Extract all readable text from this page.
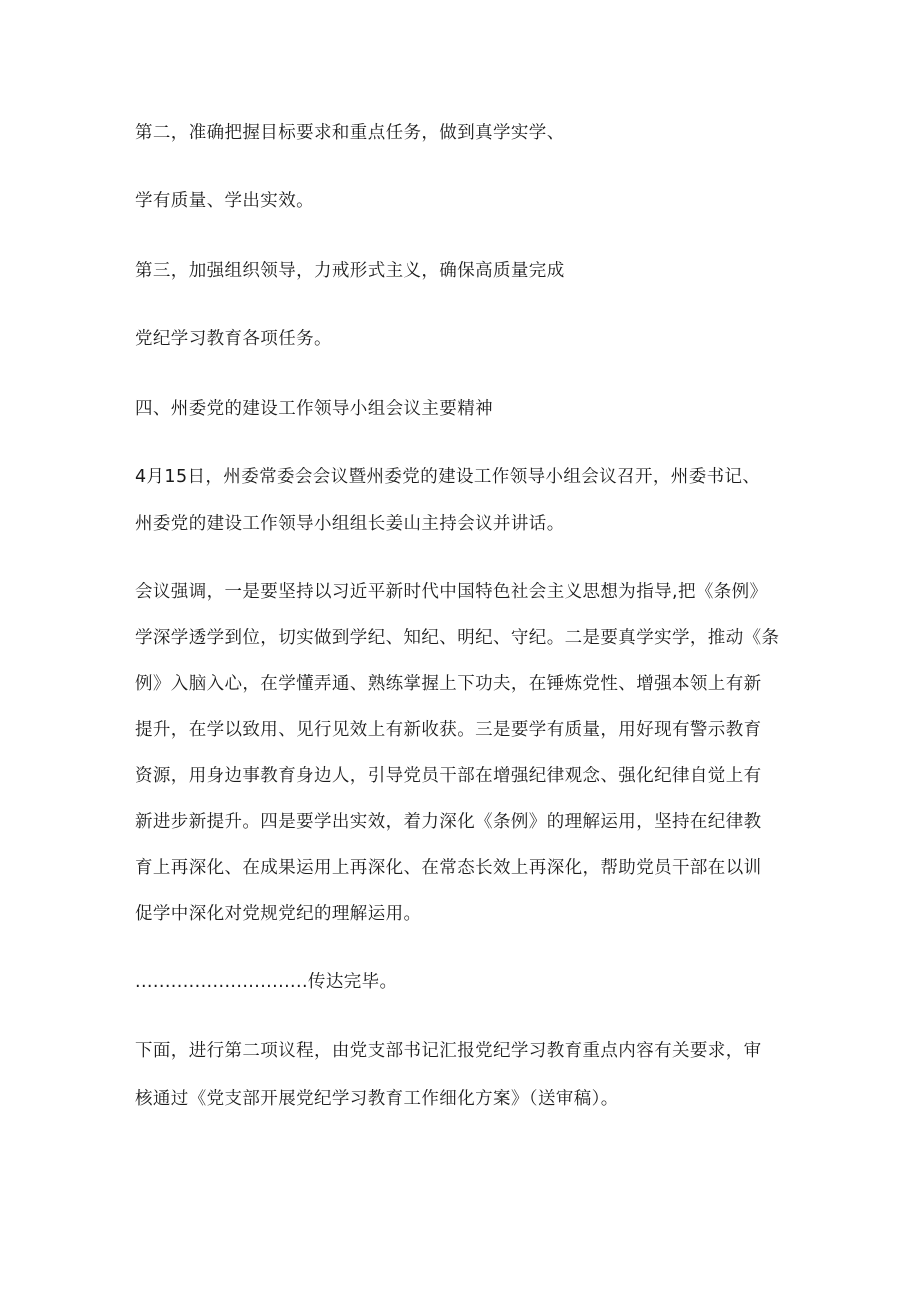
第二，准确把握目标要求和重点任务，做到真学实学、
学有质量、学出实效。
第三，加强组织领导，力戒形式主义，确保高质量完成
党纪学习教育各项任务。
四、州委党的建设工作领导小组会议主要精神
4月15日，州委常委会会议暨州委党的建设工作领导小组会议召开，州委书记、
州委党的建设工作领导小组组长姜山主持会议并讲话。
会议强调，一是要坚持以习近平新时代中国特色社会主义思想为指导,把《条例》
学深学透学到位，切实做到学纪、知纪、明纪、守纪。二是要真学实学，推动《条
例》入脑入心，在学懂弄通、熟练掌握上下功夫，在锤炼党性、增强本领上有新
提升，在学以致用、见行见效上有新收获。三是要学有质量，用好现有警示教育
资源，用身边事教育身边人，引导党员干部在增强纪律观念、强化纪律自觉上有
新进步新提升。四是要学出实效，着力深化《条例》的理解运用，坚持在纪律教
育上再深化、在成果运用上再深化、在常态长效上再深化，帮助党员干部在以训
促学中深化对党规党纪的理解运用。
.............................传达完毕。
下面，进行第二项议程，由党支部书记汇报党纪学习教育重点内容有关要求，审
核通过《党支部开展党纪学习教育工作细化方案》（送审稿）。
